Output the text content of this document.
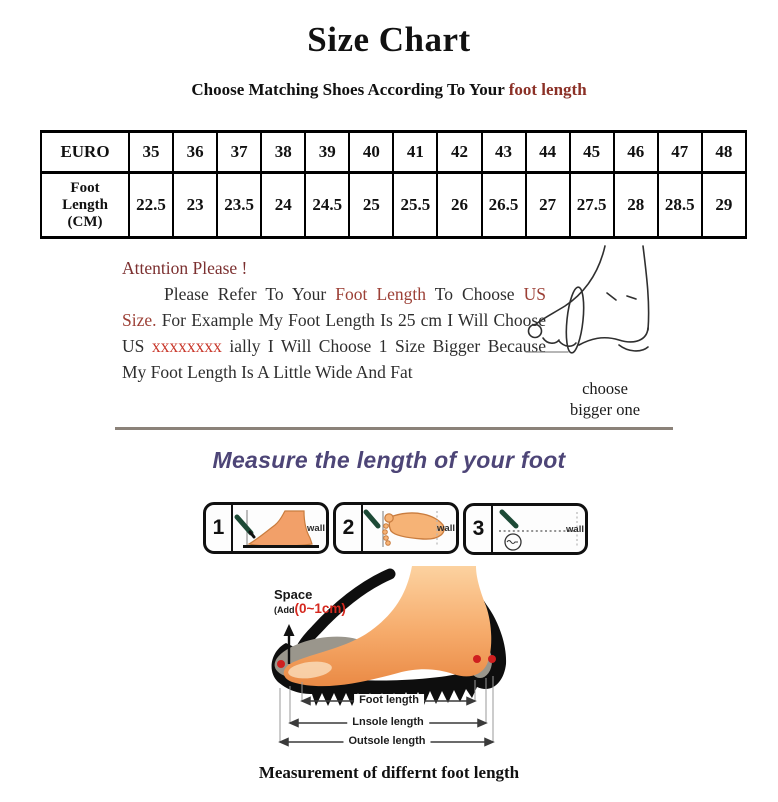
Size Chart
Choose Matching Shoes According To Your foot length
EURO	35	36	37	38	39	40	41	42	43	44	45	46	47	48

Foot
Length
(CM)	22.5	23	23.5	24	24.5	25	25.5	26	26.5	27	27.5	28	28.5	29
Attention Please !

Please Refer To Your Foot Length To Choose US Size. For Example My Foot Length Is 25 cm I Will Choose US xxxxxxxx ially I Will Choose 1 Size Bigger Because My Foot Length Is A Little Wide And Fat

choose
bigger one
Measure the length of your foot
1	wall 2	wall 3	wall
Space
(Add(0~1cm)
Foot length
Lnsole length
Outsole length
Measurement of differnt foot length
